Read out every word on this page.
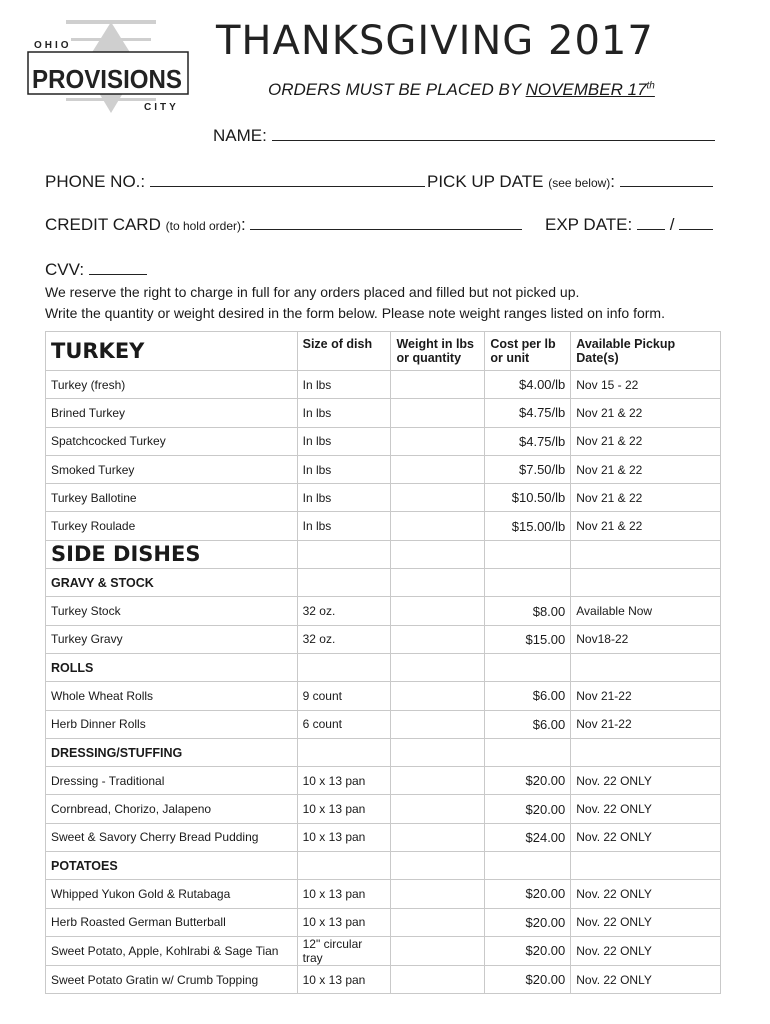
OHIO
PROVISIONS
CITY
THANKSGIVING 2017
ORDERS MUST BE PLACED BY NOVEMBER 17th
NAME:
PHONE NO.:	PICK UP DATE (see below):
CREDIT CARD (to hold order):	EXP DATE: /
CVV:
We reserve the right to charge in full for any orders placed and filled but not picked up.
Write the quantity or weight desired in the form below. Please note weight ranges listed on info form.
TURKEY	Size of dish	Weight in lbs or quantity	Cost per lb or unit	Available Pickup Date(s)
Turkey (fresh)	In lbs		$4.00/lb	Nov 15 - 22
Brined Turkey	In lbs		$4.75/lb	Nov 21 & 22
Spatchcocked Turkey	In lbs		$4.75/lb	Nov 21 & 22
Smoked Turkey	In lbs		$7.50/lb	Nov 21 & 22
Turkey Ballotine	In lbs		$10.50/lb	Nov 21 & 22
Turkey Roulade	In lbs		$15.00/lb	Nov 21 & 22
SIDE DISHES				
GRAVY & STOCK				
Turkey Stock	32 oz.		$8.00	Available Now
Turkey Gravy	32 oz.		$15.00	Nov18-22
ROLLS				
Whole Wheat Rolls	9 count		$6.00	Nov 21-22
Herb Dinner Rolls	6 count		$6.00	Nov 21-22
DRESSING/STUFFING				
Dressing - Traditional	10 x 13 pan		$20.00	Nov. 22 ONLY
Cornbread, Chorizo, Jalapeno	10 x 13 pan		$20.00	Nov. 22 ONLY
Sweet & Savory Cherry Bread Pudding	10 x 13 pan		$24.00	Nov. 22 ONLY
POTATOES				
Whipped Yukon Gold & Rutabaga	10 x 13 pan		$20.00	Nov. 22 ONLY
Herb Roasted German Butterball	10 x 13 pan		$20.00	Nov. 22 ONLY
Sweet Potato, Apple, Kohlrabi & Sage Tian	12" circular tray		$20.00	Nov. 22 ONLY
Sweet Potato Gratin w/ Crumb Topping	10 x 13 pan		$20.00	Nov. 22 ONLY
